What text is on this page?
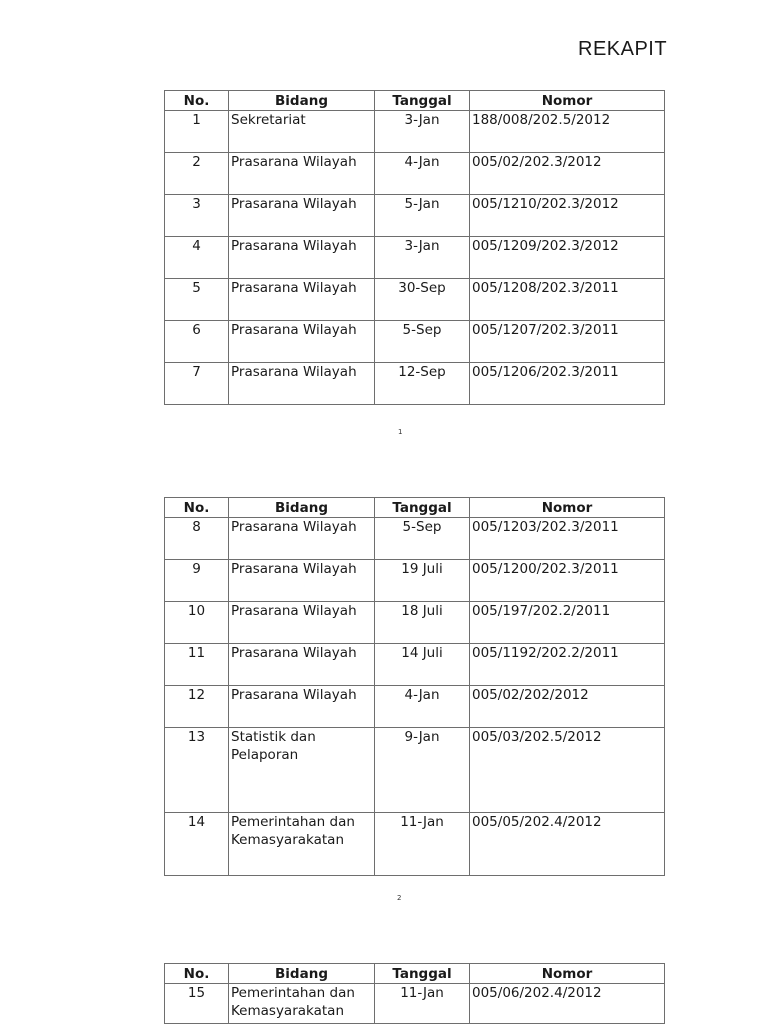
REKAPIT
No.	Bidang	Tanggal	Nomor
1	Sekretariat	3-Jan	188/008/202.5/2012
2	Prasarana Wilayah	4-Jan	005/02/202.3/2012
3	Prasarana Wilayah	5-Jan	005/1210/202.3/2012
4	Prasarana Wilayah	3-Jan	005/1209/202.3/2012
5	Prasarana Wilayah	30-Sep	005/1208/202.3/2011
6	Prasarana Wilayah	5-Sep	005/1207/202.3/2011
7	Prasarana Wilayah	12-Sep	005/1206/202.3/2011
1
No.	Bidang	Tanggal	Nomor
8	Prasarana Wilayah	5-Sep	005/1203/202.3/2011
9	Prasarana Wilayah	19 Juli	005/1200/202.3/2011
10	Prasarana Wilayah	18 Juli	005/197/202.2/2011
11	Prasarana Wilayah	14 Juli	005/1192/202.2/2011
12	Prasarana Wilayah	4-Jan	005/02/202/2012
13	Statistik dan Pelaporan	9-Jan	005/03/202.5/2012
14	Pemerintahan dan Kemasyarakatan	11-Jan	005/05/202.4/2012
2
No.	Bidang	Tanggal	Nomor
15	Pemerintahan dan Kemasyarakatan	11-Jan	005/06/202.4/2012
